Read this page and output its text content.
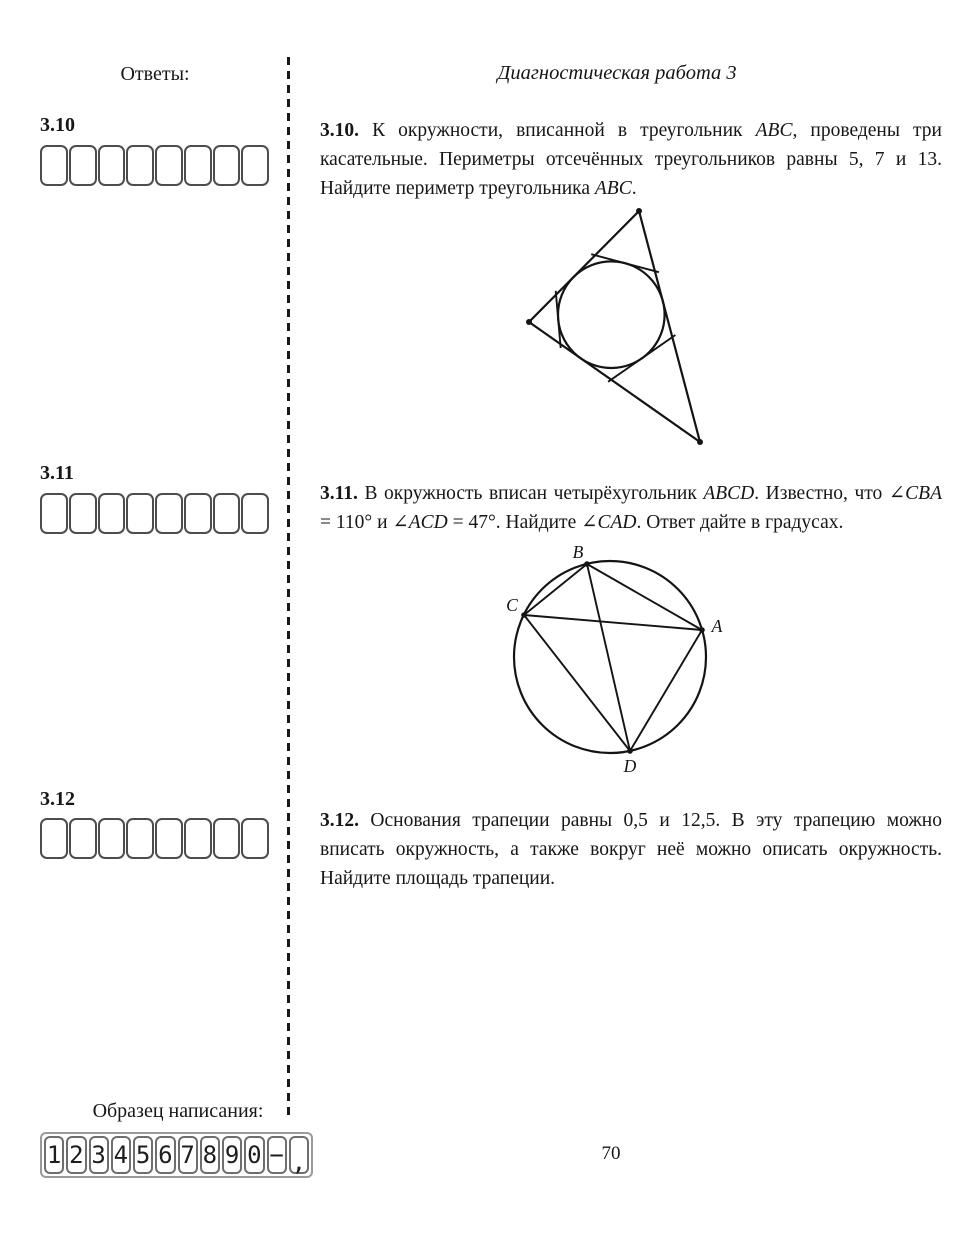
Ответы:	Диагностическая работа 3
3.10
3.11
3.12

3.10. К окружности, вписанной в треугольник ABC, проведены три касательные. Периметры отсечённых треугольников равны 5, 7 и 13. Найдите периметр треугольника ABC.

3.11. В окружность вписан четырёхугольник ABCD. Известно, что ∠CBA = 110° и ∠ACD = 47°. Найдите ∠CAD. Ответ дайте в градусах.

B
C
A
D

3.12. Основания трапеции равны 0,5 и 12,5. В эту трапецию можно вписать окружность, а также вокруг неё можно описать окружность. Найдите площадь трапеции.

Образец написания:
1 2 3 4 5 6 7 8 9 0 − ,	70
